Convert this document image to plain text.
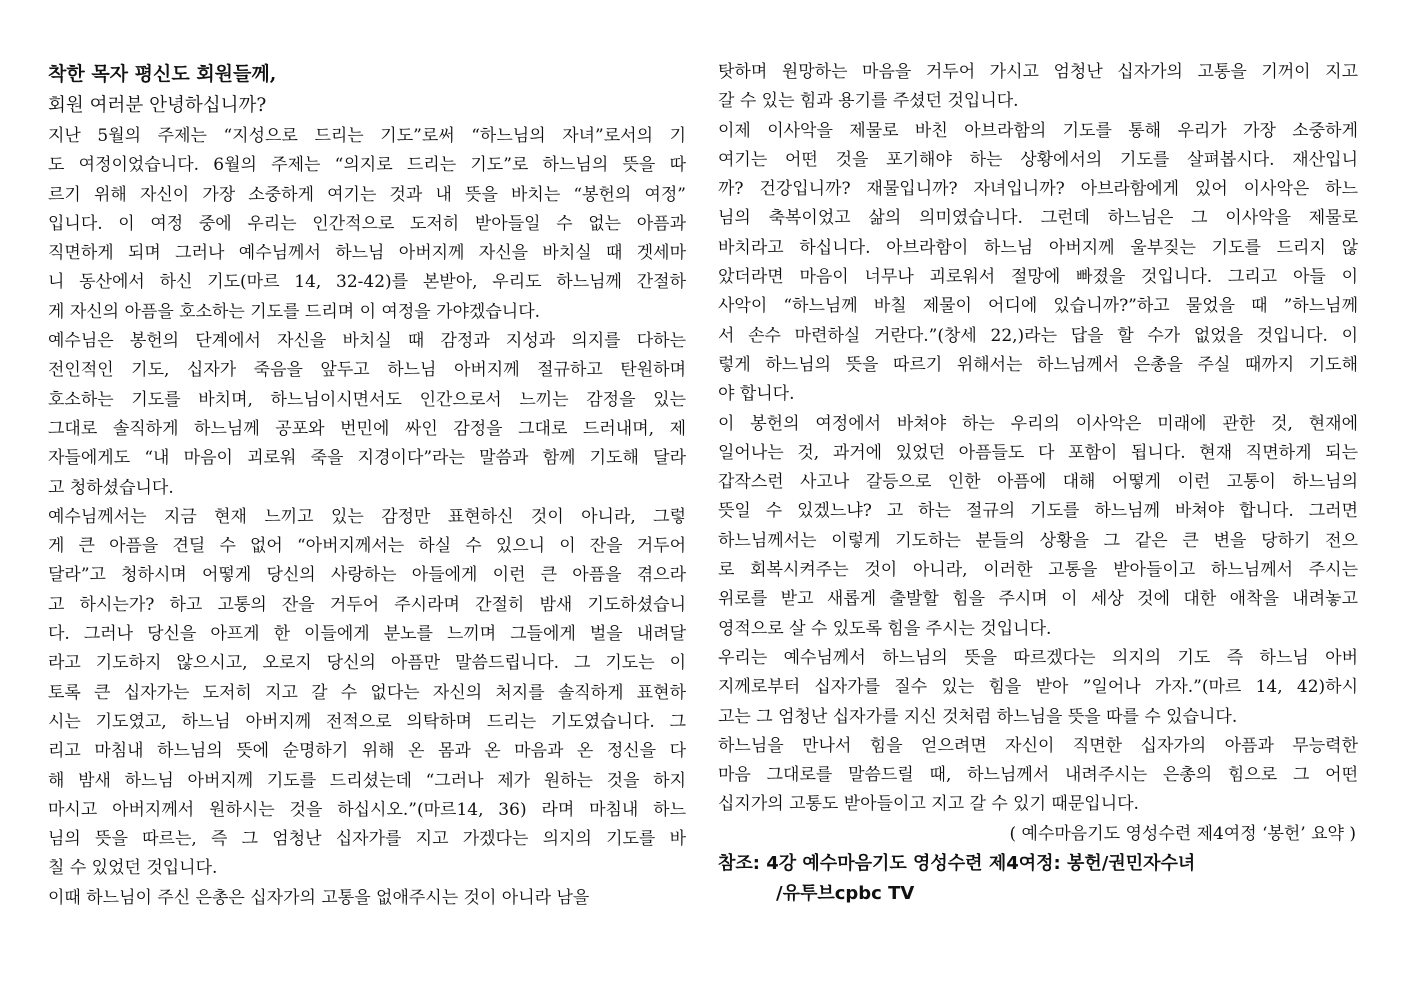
착한 목자 평신도 회원들께,
회원 여러분 안녕하십니까?
지난 5월의 주제는 “지성으로 드리는 기도”로써 “하느님의 자녀”로서의 기
도 여정이었습니다. 6월의 주제는 “의지로 드리는 기도”로 하느님의 뜻을 따
르기 위해 자신이 가장 소중하게 여기는 것과 내 뜻을 바치는 “봉헌의 여정”
입니다. 이 여정 중에 우리는 인간적으로 도저히 받아들일 수 없는 아픔과
직면하게 되며 그러나 예수님께서 하느님 아버지께 자신을 바치실 때 겟세마
니 동산에서 하신 기도(마르 14, 32-42)를 본받아, 우리도 하느님께 간절하
게 자신의 아픔을 호소하는 기도를 드리며 이 여정을 가야겠습니다.
예수님은 봉헌의 단계에서 자신을 바치실 때 감정과 지성과 의지를 다하는
전인적인 기도, 십자가 죽음을 앞두고 하느님 아버지께 절규하고 탄원하며
호소하는 기도를 바치며, 하느님이시면서도 인간으로서 느끼는 감정을 있는
그대로 솔직하게 하느님께 공포와 번민에 싸인 감정을 그대로 드러내며, 제
자들에게도 “내 마음이 괴로워 죽을 지경이다”라는 말씀과 함께 기도해 달라
고 청하셨습니다.
예수님께서는 지금 현재 느끼고 있는 감정만 표현하신 것이 아니라, 그렇
게 큰 아픔을 견딜 수 없어 “아버지께서는 하실 수 있으니 이 잔을 거두어
달라”고 청하시며 어떻게 당신의 사랑하는 아들에게 이런 큰 아픔을 겪으라
고 하시는가? 하고 고통의 잔을 거두어 주시라며 간절히 밤새 기도하셨습니
다. 그러나 당신을 아프게 한 이들에게 분노를 느끼며 그들에게 벌을 내려달
라고 기도하지 않으시고, 오로지 당신의 아픔만 말씀드립니다. 그 기도는 이
토록 큰 십자가는 도저히 지고 갈 수 없다는 자신의 처지를 솔직하게 표현하
시는 기도였고, 하느님 아버지께 전적으로 의탁하며 드리는 기도였습니다. 그
리고 마침내 하느님의 뜻에 순명하기 위해 온 몸과 온 마음과 온 정신을 다
해 밤새 하느님 아버지께 기도를 드리셨는데 “그러나 제가 원하는 것을 하지
마시고 아버지께서 원하시는 것을 하십시오.”(마르14, 36) 라며 마침내 하느
님의 뜻을 따르는, 즉 그 엄청난 십자가를 지고 가겠다는 의지의 기도를 바
칠 수 있었던 것입니다.
이때 하느님이 주신 은총은 십자가의 고통을 없애주시는 것이 아니라 남을
탓하며 원망하는 마음을 거두어 가시고 엄청난 십자가의 고통을 기꺼이 지고
갈 수 있는 힘과 용기를 주셨던 것입니다.
이제 이사악을 제물로 바친 아브라함의 기도를 통해 우리가 가장 소중하게
여기는 어떤 것을 포기해야 하는 상황에서의 기도를 살펴봅시다. 재산입니
까? 건강입니까? 재물입니까? 자녀입니까? 아브라함에게 있어 이사악은 하느
님의 축복이었고 삶의 의미였습니다. 그런데 하느님은 그 이사악을 제물로
바치라고 하십니다. 아브라함이 하느님 아버지께 울부짖는 기도를 드리지 않
았더라면 마음이 너무나 괴로워서 절망에 빠졌을 것입니다. 그리고 아들 이
사악이 “하느님께 바칠 제물이 어디에 있습니까?”하고 물었을 때 ”하느님께
서 손수 마련하실 거란다.”(창세 22,)라는 답을 할 수가 없었을 것입니다. 이
렇게 하느님의 뜻을 따르기 위해서는 하느님께서 은총을 주실 때까지 기도해
야 합니다.
이 봉헌의 여정에서 바쳐야 하는 우리의 이사악은 미래에 관한 것, 현재에
일어나는 것, 과거에 있었던 아픔들도 다 포함이 됩니다. 현재 직면하게 되는
갑작스런 사고나 갈등으로 인한 아픔에 대해 어떻게 이런 고통이 하느님의
뜻일 수 있겠느냐? 고 하는 절규의 기도를 하느님께 바쳐야 합니다. 그러면
하느님께서는 이렇게 기도하는 분들의 상황을 그 같은 큰 변을 당하기 전으
로 회복시켜주는 것이 아니라, 이러한 고통을 받아들이고 하느님께서 주시는
위로를 받고 새롭게 출발할 힘을 주시며 이 세상 것에 대한 애착을 내려놓고
영적으로 살 수 있도록 힘을 주시는 것입니다.
우리는 예수님께서 하느님의 뜻을 따르겠다는 의지의 기도 즉 하느님 아버
지께로부터 십자가를 질수 있는 힘을 받아 ”일어나 가자.”(마르 14, 42)하시
고는 그 엄청난 십자가를 지신 것처럼 하느님을 뜻을 따를 수 있습니다.
하느님을 만나서 힘을 얻으려면 자신이 직면한 십자가의 아픔과 무능력한
마음 그대로를 말씀드릴 때, 하느님께서 내려주시는 은총의 힘으로 그 어떤
십지가의 고통도 받아들이고 지고 갈 수 있기 때문입니다.
( 예수마음기도 영성수련 제4여정 ‘봉헌’ 요약 )
참조: 4강 예수마음기도 영성수련 제4여정: 봉헌/권민자수녀
/유투브cpbc TV
